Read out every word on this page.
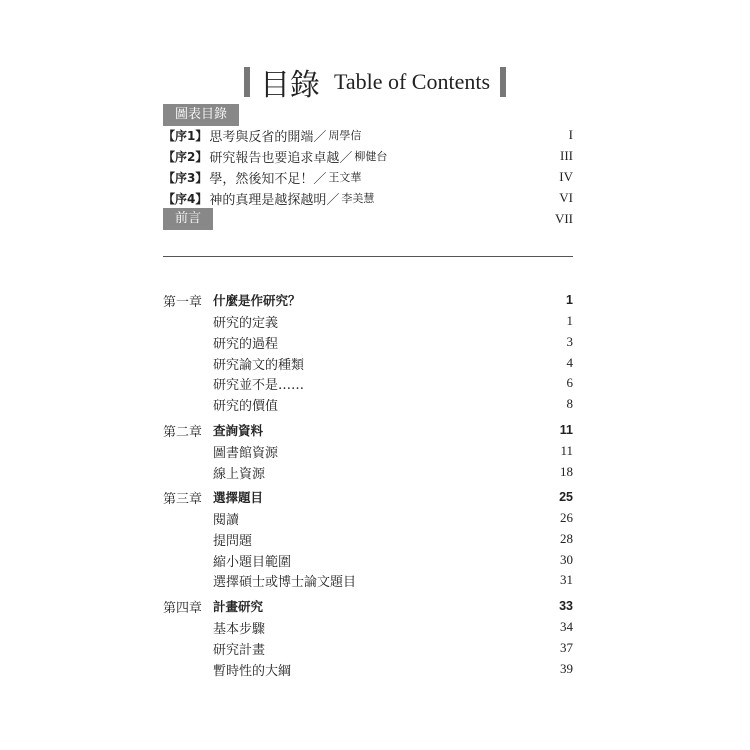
目錄 Table of Contents
圖表目錄
【序1】 思考與反省的開端／ 周學信	I
【序2】 研究報告也要追求卓越／ 柳健台	III
【序3】 學，然後知不足！／ 王文華	IV
【序4】 神的真理是越探越明／ 李美慧	VI
前言	VII
第一章 什麼是作研究？	1
研究的定義	1
研究的過程	3
研究論文的種類	4
研究並不是……	6
研究的價值	8
第二章 查詢資料	11
圖書館資源	11
線上資源	18
第三章 選擇題目	25
閱讀	26
提問題	28
縮小題目範圍	30
選擇碩士或博士論文題目	31
第四章 計畫研究	33
基本步驟	34
研究計畫	37
暫時性的大綱	39
